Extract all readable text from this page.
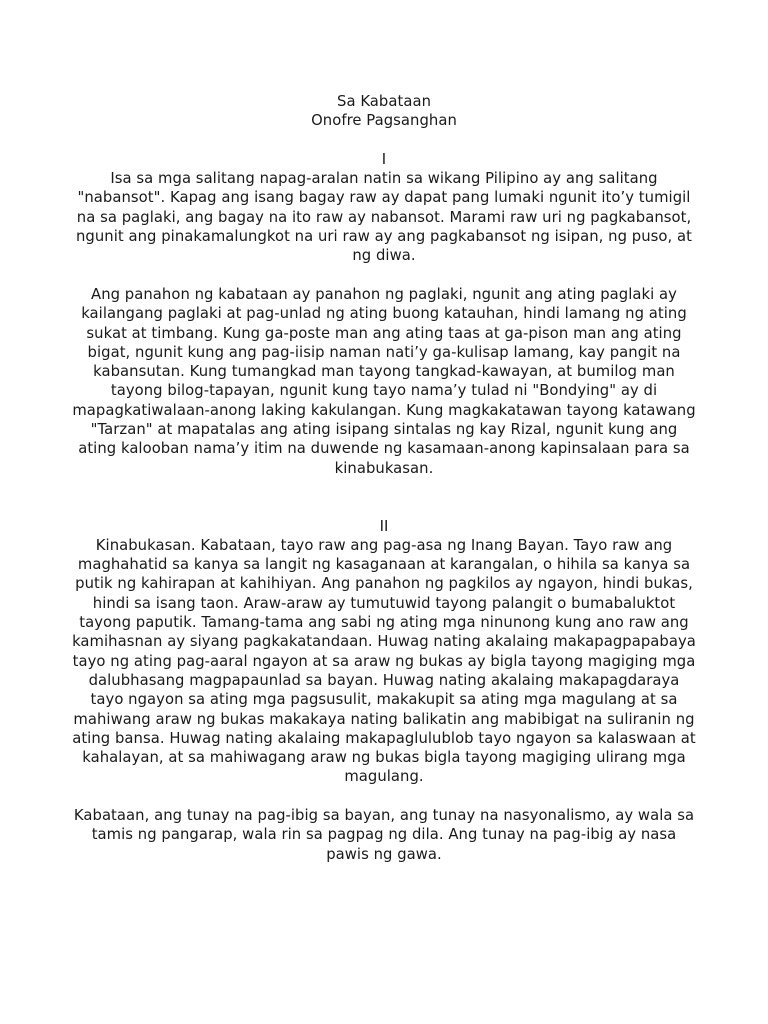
Sa Kabataan

Onofre Pagsanghan

I

Isa sa mga salitang napag-aralan natin sa wikang Pilipino ay ang salitang "nabansot". Kapag ang isang bagay raw ay dapat pang lumaki ngunit ito’y tumigil na sa paglaki, ang bagay na ito raw ay nabansot. Marami raw uri ng pagkabansot, ngunit ang pinakamalungkot na uri raw ay ang pagkabansot ng isipan, ng puso, at ng diwa.

Ang panahon ng kabataan ay panahon ng paglaki, ngunit ang ating paglaki ay kailangang paglaki at pag-unlad ng ating buong katauhan, hindi lamang ng ating sukat at timbang. Kung ga-poste man ang ating taas at ga-pison man ang ating bigat, ngunit kung ang pag-iisip naman nati’y ga-kulisap lamang, kay pangit na kabansutan. Kung tumangkad man tayong tangkad-kawayan, at bumilog man tayong bilog-tapayan, ngunit kung tayo nama’y tulad ni "Bondying" ay di mapagkatiwalaan-anong laking kakulangan. Kung magkakatawan tayong katawang "Tarzan" at mapatalas ang ating isipang sintalas ng kay Rizal, ngunit kung ang ating kalooban nama’y itim na duwende ng kasamaan-anong kapinsalaan para sa kinabukasan.

II

Kinabukasan. Kabataan, tayo raw ang pag-asa ng Inang Bayan. Tayo raw ang maghahatid sa kanya sa langit ng kasaganaan at karangalan, o hihila sa kanya sa putik ng kahirapan at kahihiyan. Ang panahon ng pagkilos ay ngayon, hindi bukas, hindi sa isang taon. Araw-araw ay tumutuwid tayong palangit o bumabaluktot tayong paputik. Tamang-tama ang sabi ng ating mga ninunong kung ano raw ang kamihasnan ay siyang pagkakatandaan. Huwag nating akalaing makapagpapabaya tayo ng ating pag-aaral ngayon at sa araw ng bukas ay bigla tayong magiging mga dalubhasang magpapaunlad sa bayan. Huwag nating akalaing makapagdaraya tayo ngayon sa ating mga pagsusulit, makakupit sa ating mga magulang at sa mahiwang araw ng bukas makakaya nating balikatin ang mabibigat na suliranin ng ating bansa. Huwag nating akalaing makapaglulublob tayo ngayon sa kalaswaan at kahalayan, at sa mahiwagang araw ng bukas bigla tayong magiging ulirang mga magulang.

Kabataan, ang tunay na pag-ibig sa bayan, ang tunay na nasyonalismo, ay wala sa tamis ng pangarap, wala rin sa pagpag ng dila. Ang tunay na pag-ibig ay nasa pawis ng gawa.
